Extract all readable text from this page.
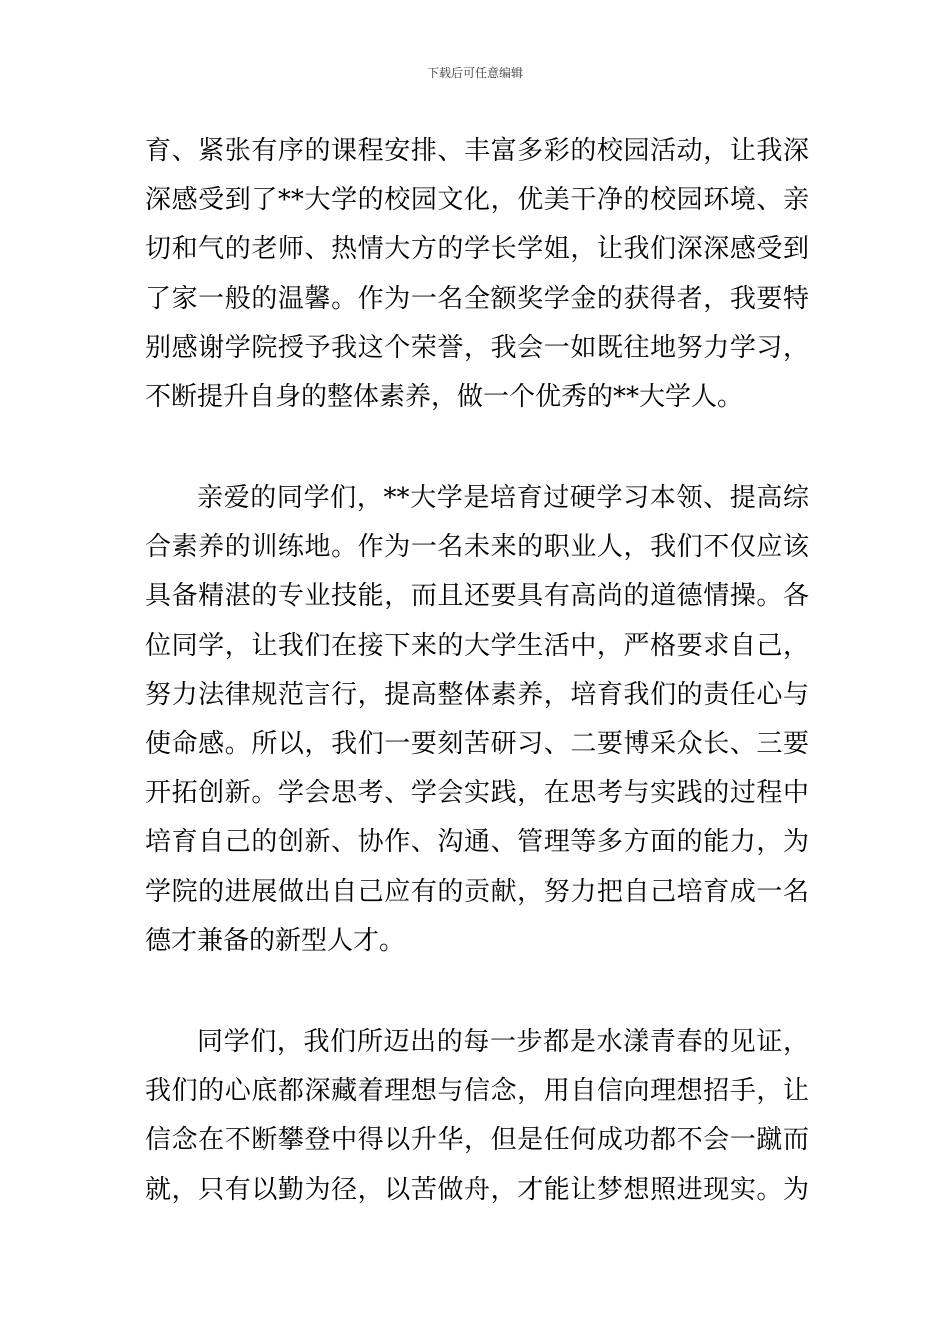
下载后可任意编辑
育、紧张有序的课程安排、丰富多彩的校园活动，让我深
深感受到了**大学的校园文化，优美干净的校园环境、亲
切和气的老师、热情大方的学长学姐，让我们深深感受到
了家一般的温馨。作为一名全额奖学金的获得者，我要特
别感谢学院授予我这个荣誉，我会一如既往地努力学习，
不断提升自身的整体素养，做一个优秀的**大学人。
亲爱的同学们，**大学是培育过硬学习本领、提高综
合素养的训练地。作为一名未来的职业人，我们不仅应该
具备精湛的专业技能，而且还要具有高尚的道德情操。各
位同学，让我们在接下来的大学生活中，严格要求自己，
努力法律规范言行，提高整体素养，培育我们的责任心与
使命感。所以，我们一要刻苦研习、二要博采众长、三要
开拓创新。学会思考、学会实践，在思考与实践的过程中
培育自己的创新、协作、沟通、管理等多方面的能力，为
学院的进展做出自己应有的贡献，努力把自己培育成一名
德才兼备的新型人才。
同学们，我们所迈出的每一步都是水漾青春的见证，
我们的心底都深藏着理想与信念，用自信向理想招手，让
信念在不断攀登中得以升华，但是任何成功都不会一蹴而
就，只有以勤为径，以苦做舟，才能让梦想照进现实。为
